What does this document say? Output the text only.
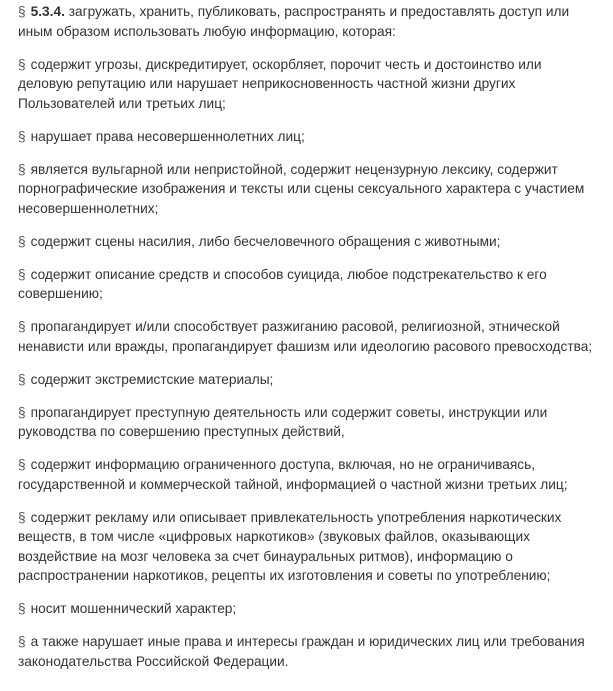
§ 5.3.4. загружать, хранить, публиковать, распространять и предоставлять доступ или иным образом использовать любую информацию, которая:

§ содержит угрозы, дискредитирует, оскорбляет, порочит честь и достоинство или деловую репутацию или нарушает неприкосновенность частной жизни других Пользователей или третьих лиц;

§ нарушает права несовершеннолетних лиц;

§ является вульгарной или непристойной, содержит нецензурную лексику, содержит порнографические изображения и тексты или сцены сексуального характера с участием несовершеннолетних;

§ содержит сцены насилия, либо бесчеловечного обращения с животными;

§ содержит описание средств и способов суицида, любое подстрекательство к его совершению;

§ пропагандирует и/или способствует разжиганию расовой, религиозной, этнической ненависти или вражды, пропагандирует фашизм или идеологию расового превосходства;

§ содержит экстремистские материалы;

§ пропагандирует преступную деятельность или содержит советы, инструкции или руководства по совершению преступных действий,

§ содержит информацию ограниченного доступа, включая, но не ограничиваясь, государственной и коммерческой тайной, информацией о частной жизни третьих лиц;

§ содержит рекламу или описывает привлекательность употребления наркотических веществ, в том числе «цифровых наркотиков» (звуковых файлов, оказывающих воздействие на мозг человека за счет бинауральных ритмов), информацию о распространении наркотиков, рецепты их изготовления и советы по употреблению;

§ носит мошеннический характер;

§ а также нарушает иные права и интересы граждан и юридических лиц или требования законодательства Российской Федерации.
